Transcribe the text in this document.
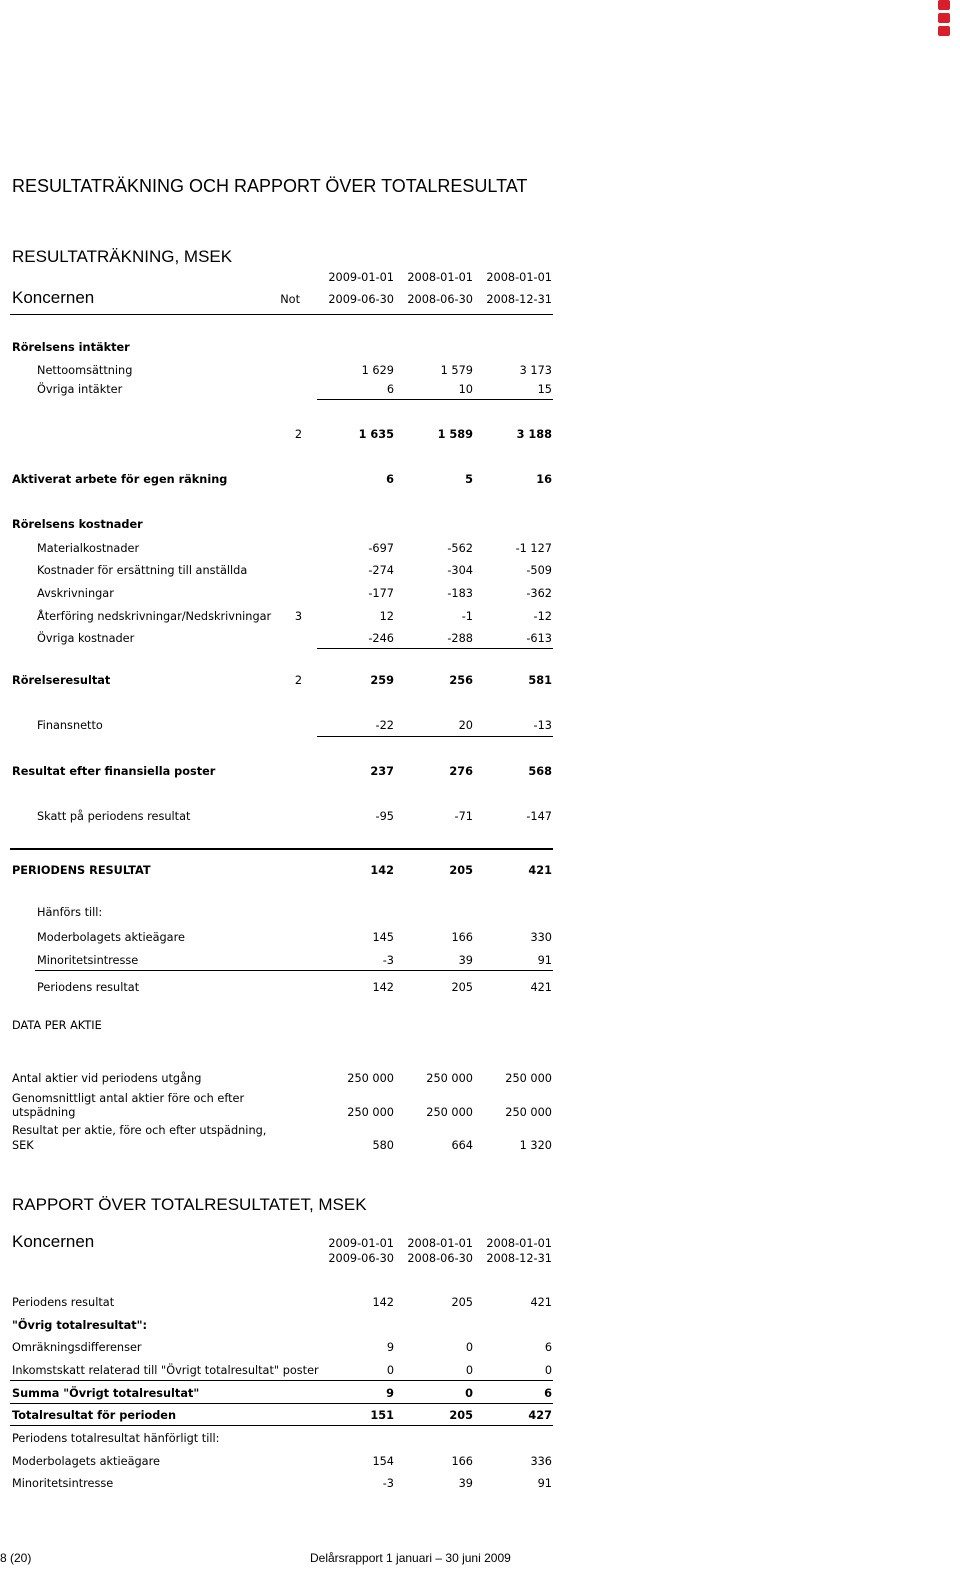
RESULTATRÄKNING OCH RAPPORT ÖVER TOTALRESULTAT
RESULTATRÄKNING, MSEK
2009-01-01	2008-01-01	2008-01-01
Koncernen	Not	2009-06-30	2008-06-30	2008-12-31
Rörelsens intäkter
Nettoomsättning	1 629	1 579	3 173
Övriga intäkter	6	10	15
2	1 635	1 589	3 188
Aktiverat arbete för egen räkning	6	5	16
Rörelsens kostnader
Materialkostnader	-697	-562	-1 127
Kostnader för ersättning till anställda	-274	-304	-509
Avskrivningar	-177	-183	-362
Återföring nedskrivningar/Nedskrivningar	3	12	-1	-12
Övriga kostnader	-246	-288	-613
Rörelseresultat	2	259	256	581
Finansnetto	-22	20	-13
Resultat efter finansiella poster	237	276	568
Skatt på periodens resultat	-95	-71	-147
PERIODENS RESULTAT	142	205	421
Hänförs till:
Moderbolagets aktieägare	145	166	330
Minoritetsintresse	-3	39	91
Periodens resultat	142	205	421
DATA PER AKTIE
Antal aktier vid periodens utgång	250 000	250 000	250 000
Genomsnittligt antal aktier före och efter
utspädning	250 000	250 000	250 000
Resultat per aktie, före och efter utspädning,
SEK	580	664	1 320
RAPPORT ÖVER TOTALRESULTATET, MSEK
Koncernen	2009-01-01	2008-01-01	2008-01-01
2009-06-30	2008-06-30	2008-12-31
Periodens resultat	142	205	421
"Övrig totalresultat":
Omräkningsdifferenser	9	0	6
Inkomstskatt relaterad till "Övrigt totalresultat" poster	0	0	0
Summa "Övrigt totalresultat"	9	0	6
Totalresultat för perioden	151	205	427
Periodens totalresultat hänförligt till:
Moderbolagets aktieägare	154	166	336
Minoritetsintresse	-3	39	91
8 (20)	Delårsrapport 1 januari – 30 juni 2009
